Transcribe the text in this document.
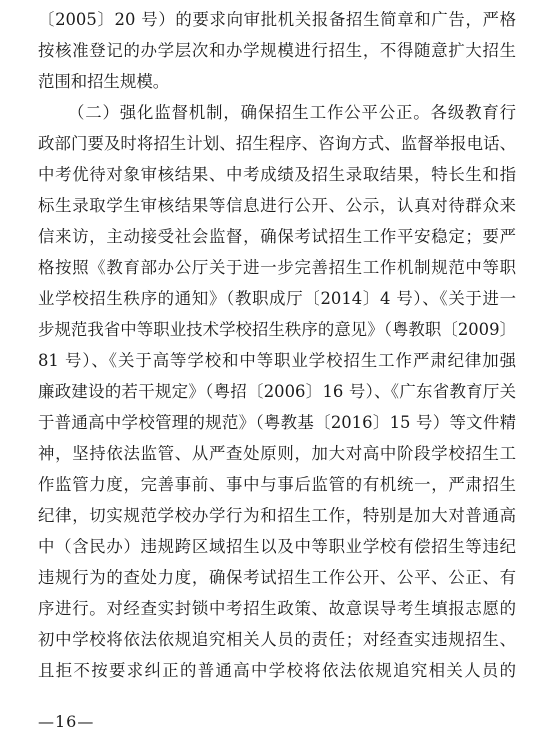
〔2005〕20 号）的要求向审批机关报备招生简章和广告，严格
按核准登记的办学层次和办学规模进行招生，不得随意扩大招生
范围和招生规模。
（二）强化监督机制，确保招生工作公平公正。各级教育行
政部门要及时将招生计划、招生程序、咨询方式、监督举报电话、
中考优待对象审核结果、中考成绩及招生录取结果，特长生和指
标生录取学生审核结果等信息进行公开、公示，认真对待群众来
信来访，主动接受社会监督，确保考试招生工作平安稳定；要严
格按照《教育部办公厅关于进一步完善招生工作机制规范中等职
业学校招生秩序的通知》（教职成厅〔2014〕4 号）、《关于进一
步规范我省中等职业技术学校招生秩序的意见》（粤教职〔2009〕
81 号）、《关于高等学校和中等职业学校招生工作严肃纪律加强
廉政建设的若干规定》（粤招〔2006〕16 号）、《广东省教育厅关
于普通高中学校管理的规范》（粤教基〔2016〕15 号）等文件精
神，坚持依法监管、从严查处原则，加大对高中阶段学校招生工
作监管力度，完善事前、事中与事后监管的有机统一，严肃招生
纪律，切实规范学校办学行为和招生工作，特别是加大对普通高
中（含民办）违规跨区域招生以及中等职业学校有偿招生等违纪
违规行为的查处力度，确保考试招生工作公开、公平、公正、有
序进行。对经查实封锁中考招生政策、故意误导考生填报志愿的
初中学校将依法依规追究相关人员的责任；对经查实违规招生、
且拒不按要求纠正的普通高中学校将依法依规追究相关人员的
—16—
